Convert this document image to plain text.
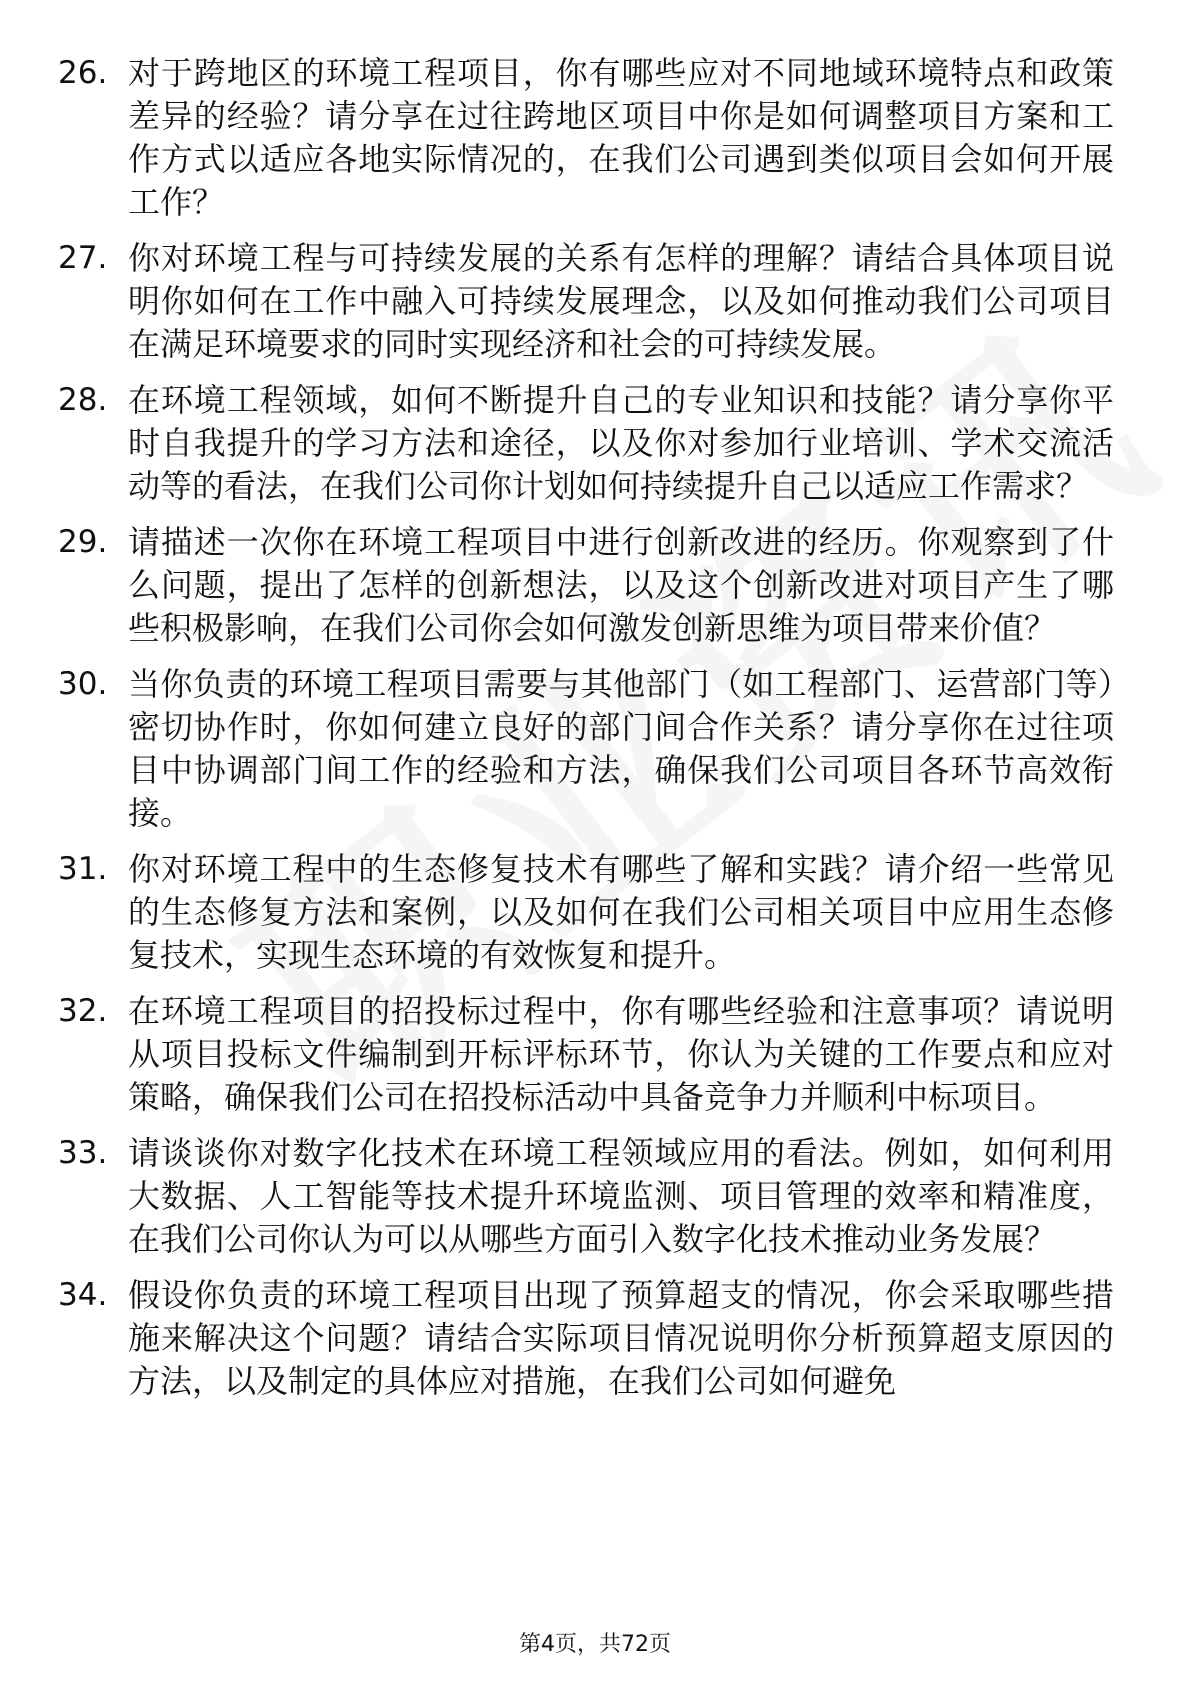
26. 对于跨地区的环境工程项目，你有哪些应对不同地域环境特点和政策差异的经验？请分享在过往跨地区项目中你是如何调整项目方案和工作方式以适应各地实际情况的，在我们公司遇到类似项目会如何开展工作？
27. 你对环境工程与可持续发展的关系有怎样的理解？请结合具体项目说明你如何在工作中融入可持续发展理念，以及如何推动我们公司项目在满足环境要求的同时实现经济和社会的可持续发展。
28. 在环境工程领域，如何不断提升自己的专业知识和技能？请分享你平时自我提升的学习方法和途径，以及你对参加行业培训、学术交流活动等的看法，在我们公司你计划如何持续提升自己以适应工作需求？
29. 请描述一次你在环境工程项目中进行创新改进的经历。你观察到了什么问题，提出了怎样的创新想法，以及这个创新改进对项目产生了哪些积极影响，在我们公司你会如何激发创新思维为项目带来价值？
30. 当你负责的环境工程项目需要与其他部门（如工程部门、运营部门等）密切协作时，你如何建立良好的部门间合作关系？请分享你在过往项目中协调部门间工作的经验和方法，确保我们公司项目各环节高效衔接。
31. 你对环境工程中的生态修复技术有哪些了解和实践？请介绍一些常见的生态修复方法和案例，以及如何在我们公司相关项目中应用生态修复技术，实现生态环境的有效恢复和提升。
32. 在环境工程项目的招投标过程中，你有哪些经验和注意事项？请说明从项目投标文件编制到开标评标环节，你认为关键的工作要点和应对策略，确保我们公司在招投标活动中具备竞争力并顺利中标项目。
33. 请谈谈你对数字化技术在环境工程领域应用的看法。例如，如何利用大数据、人工智能等技术提升环境监测、项目管理的效率和精准度，在我们公司你认为可以从哪些方面引入数字化技术推动业务发展？
34. 假设你负责的环境工程项目出现了预算超支的情况，你会采取哪些措施来解决这个问题？请结合实际项目情况说明你分析预算超支原因的方法，以及制定的具体应对措施，在我们公司如何避免
第4页，共72页
